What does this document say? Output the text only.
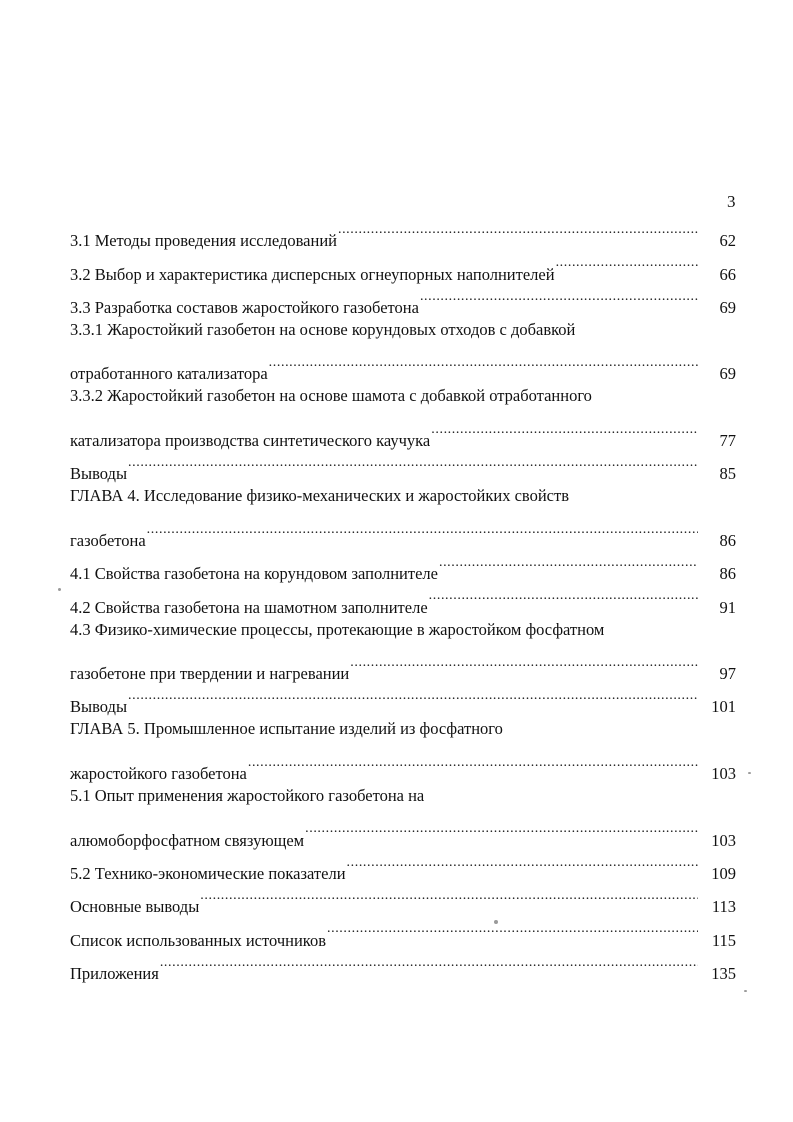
3
3.1 Методы проведения исследований .....	62
3.2 Выбор и характеристика дисперсных огнеупорных наполнителей .....	66
3.3 Разработка составов жаростойкого газобетона .....	69
3.3.1 Жаростойкий газобетон на основе корундовых отходов с добавкой
отработанного катализатора .....	69
3.3.2 Жаростойкий газобетон на основе шамота с добавкой отработанного
катализатора производства синтетического каучука .....	77
Выводы .....	85
ГЛАВА 4. Исследование физико-механических и жаростойких свойств
газобетона .....	86
4.1 Свойства газобетона на корундовом заполнителе .....	86
4.2 Свойства газобетона на шамотном заполнителе .....	91
4.3 Физико-химические процессы, протекающие в жаростойком фосфатном
газобетоне при твердении и нагревании .....	97
Выводы .....	101
ГЛАВА 5. Промышленное испытание изделий из фосфатного
жаростойкого газобетона .....	103
5.1 Опыт применения жаростойкого газобетона на
алюмоборфосфатном связующем .....	103
5.2 Технико-экономические показатели .....	109
Основные выводы .....	113
Список использованных источников .....	115
Приложения .....	135
